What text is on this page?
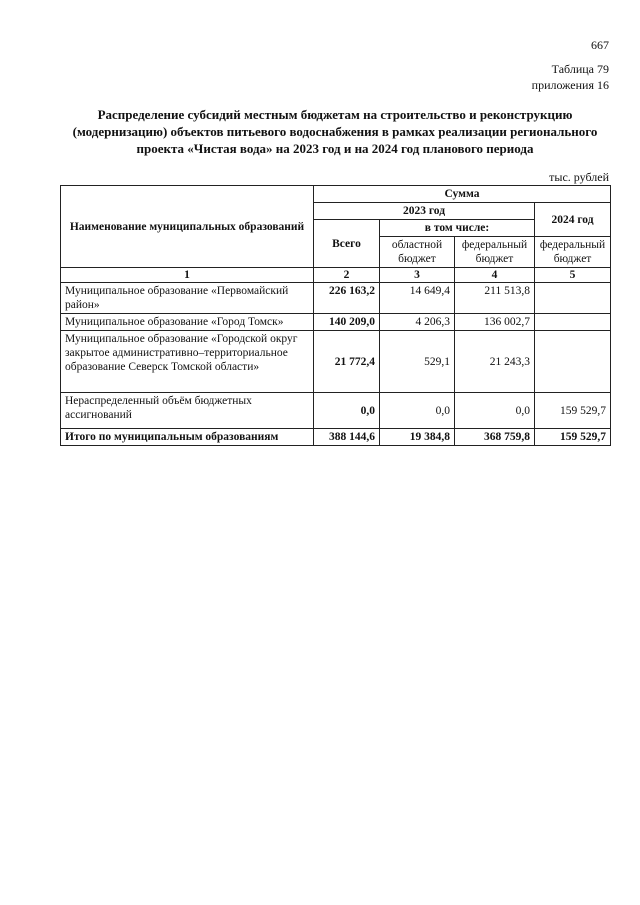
667
Таблица 79
приложения 16
Распределение субсидий местным бюджетам на строительство и реконструкцию (модернизацию) объектов питьевого водоснабжения в рамках реализации регионального проекта «Чистая вода» на 2023 год и на 2024 год планового периода
тыс. рублей
Наименование муниципальных образований	Сумма			
	2023 год			2024 год
	Всего	в том числе:		
		областной бюджет	федеральный бюджет	федеральный бюджет
1	2	3	4	5
Муниципальное образование «Первомайский район»	226 163,2	14 649,4	211 513,8	
Муниципальное образование «Город Томск»	140 209,0	4 206,3	136 002,7	
Муниципальное образование «Городской округ закрытое административно–территориальное образование Северск Томской области»	21 772,4	529,1	21 243,3	
Нераспределенный объём бюджетных ассигнований	0,0	0,0	0,0	159 529,7
Итого по муниципальным образованиям	388 144,6	19 384,8	368 759,8	159 529,7
